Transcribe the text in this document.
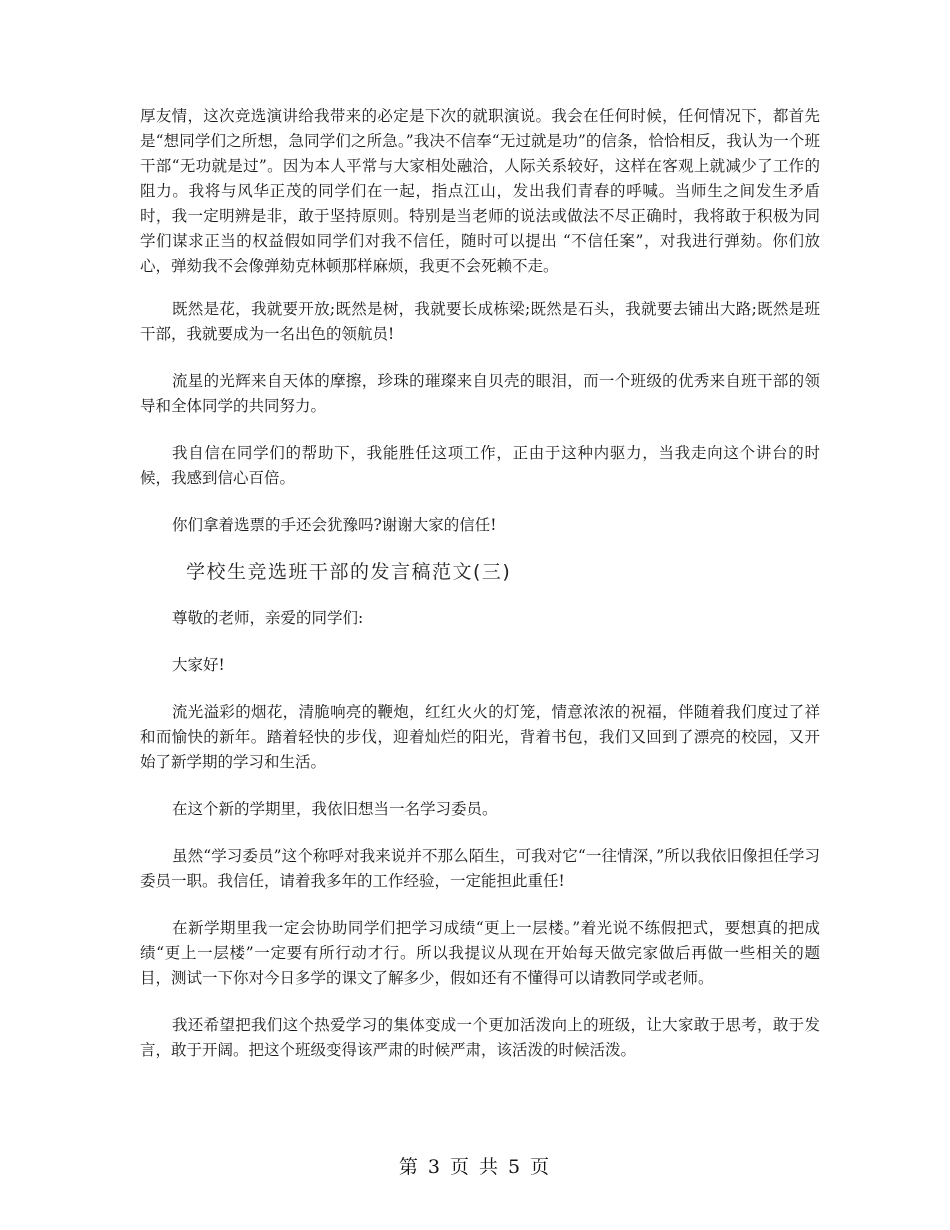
厚友情，这次竞选演讲给我带来的必定是下次的就职演说。我会在任何时候，任何情况下，都首先是“想同学们之所想，急同学们之所急。”我决不信奉“无过就是功”的信条，恰恰相反，我认为一个班干部“无功就是过”。因为本人平常与大家相处融洽，人际关系较好，这样在客观上就减少了工作的阻力。我将与风华正茂的同学们在一起，指点江山，发出我们青春的呼喊。当师生之间发生矛盾时，我一定明辨是非，敢于坚持原则。特别是当老师的说法或做法不尽正确时，我将敢于积极为同学们谋求正当的权益假如同学们对我不信任，随时可以提出 “不信任案”，对我进行弹劾。你们放心，弹劾我不会像弹劾克林顿那样麻烦，我更不会死赖不走。

既然是花，我就要开放;既然是树，我就要长成栋梁;既然是石头，我就要去铺出大路;既然是班干部，我就要成为一名出色的领航员!

流星的光辉来自天体的摩擦，珍珠的璀璨来自贝壳的眼泪，而一个班级的优秀来自班干部的领导和全体同学的共同努力。

我自信在同学们的帮助下，我能胜任这项工作，正由于这种内驱力，当我走向这个讲台的时候，我感到信心百倍。

你们拿着选票的手还会犹豫吗?谢谢大家的信任!

学校生竞选班干部的发言稿范文(三)

尊敬的老师，亲爱的同学们:

大家好!

流光溢彩的烟花，清脆响亮的鞭炮，红红火火的灯笼，情意浓浓的祝福，伴随着我们度过了祥和而愉快的新年。踏着轻快的步伐，迎着灿烂的阳光，背着书包，我们又回到了漂亮的校园，又开始了新学期的学习和生活。

在这个新的学期里，我依旧想当一名学习委员。

虽然“学习委员”这个称呼对我来说并不那么陌生，可我对它“一往情深，”所以我依旧像担任学习委员一职。我信任，请着我多年的工作经验，一定能担此重任!

在新学期里我一定会协助同学们把学习成绩“更上一层楼。”着光说不练假把式，要想真的把成绩“更上一层楼”一定要有所行动才行。所以我提议从现在开始每天做完家做后再做一些相关的题目，测试一下你对今日多学的课文了解多少，假如还有不懂得可以请教同学或老师。

我还希望把我们这个热爱学习的集体变成一个更加活泼向上的班级，让大家敢于思考，敢于发言，敢于开阔。把这个班级变得该严肃的时候严肃，该活泼的时候活泼。

第 3 页 共 5 页
